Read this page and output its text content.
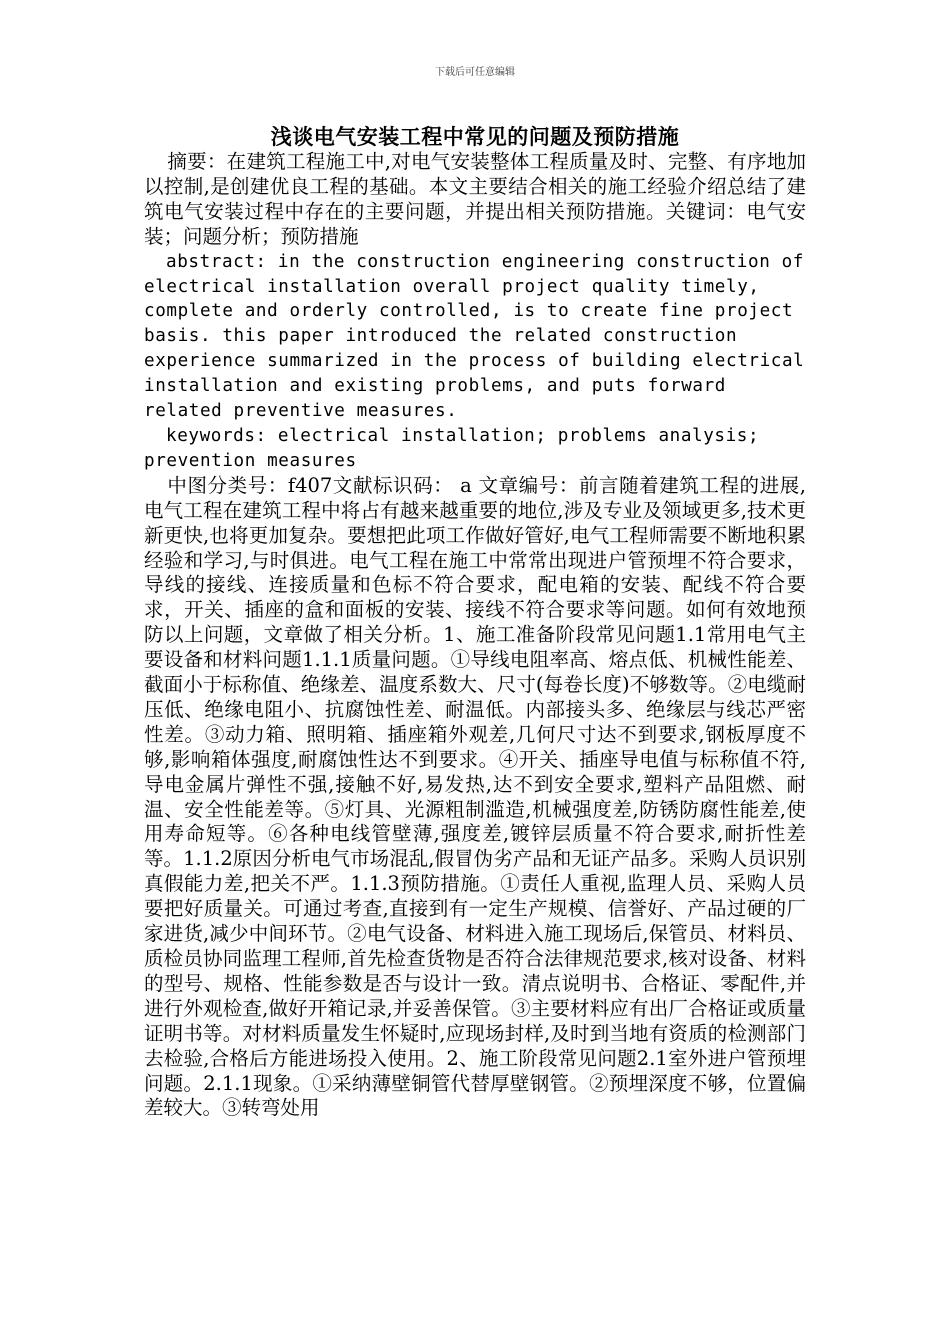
下载后可任意编辑
浅谈电气安装工程中常见的问题及预防措施

摘要：在建筑工程施工中,对电气安装整体工程质量及时、完整、有序地加以控制,是创建优良工程的基础。本文主要结合相关的施工经验介绍总结了建筑电气安装过程中存在的主要问题，并提出相关预防措施。关键词：电气安装；问题分析；预防措施

abstract: in the construction engineering construction of electrical installation overall project quality timely, complete and orderly controlled, is to create fine project basis. this paper introduced the related construction experience summarized in the process of building electrical installation and existing problems, and puts forward related preventive measures.

keywords: electrical installation; problems analysis; prevention measures

中图分类号：f407文献标识码： a 文章编号：前言随着建筑工程的进展,电气工程在建筑工程中将占有越来越重要的地位,涉及专业及领域更多,技术更新更快,也将更加复杂。要想把此项工作做好管好,电气工程师需要不断地积累经验和学习,与时俱进。电气工程在施工中常常出现进户管预埋不符合要求，导线的接线、连接质量和色标不符合要求，配电箱的安装、配线不符合要求，开关、插座的盒和面板的安装、接线不符合要求等问题。如何有效地预防以上问题，文章做了相关分析。1、施工准备阶段常见问题1.1常用电气主要设备和材料问题1.1.1质量问题。①导线电阻率高、熔点低、机械性能差、截面小于标称值、绝缘差、温度系数大、尺寸(每卷长度)不够数等。②电缆耐压低、绝缘电阻小、抗腐蚀性差、耐温低。内部接头多、绝缘层与线芯严密性差。③动力箱、照明箱、插座箱外观差,几何尺寸达不到要求,钢板厚度不够,影响箱体强度,耐腐蚀性达不到要求。④开关、插座导电值与标称值不符,导电金属片弹性不强,接触不好,易发热,达不到安全要求,塑料产品阻燃、耐温、安全性能差等。⑤灯具、光源粗制滥造,机械强度差,防锈防腐性能差,使用寿命短等。⑥各种电线管壁薄,强度差,镀锌层质量不符合要求,耐折性差等。1.1.2原因分析电气市场混乱,假冒伪劣产品和无证产品多。采购人员识别真假能力差,把关不严。1.1.3预防措施。①责任人重视,监理人员、采购人员要把好质量关。可通过考查,直接到有一定生产规模、信誉好、产品过硬的厂家进货,减少中间环节。②电气设备、材料进入施工现场后,保管员、材料员、质检员协同监理工程师,首先检查货物是否符合法律规范要求,核对设备、材料的型号、规格、性能参数是否与设计一致。清点说明书、合格证、零配件,并进行外观检查,做好开箱记录,并妥善保管。③主要材料应有出厂合格证或质量证明书等。对材料质量发生怀疑时,应现场封样,及时到当地有资质的检测部门去检验,合格后方能进场投入使用。2、施工阶段常见问题2.1室外进户管预埋问题。2.1.1现象。①采纳薄壁铜管代替厚壁钢管。②预埋深度不够，位置偏差较大。③转弯处用
